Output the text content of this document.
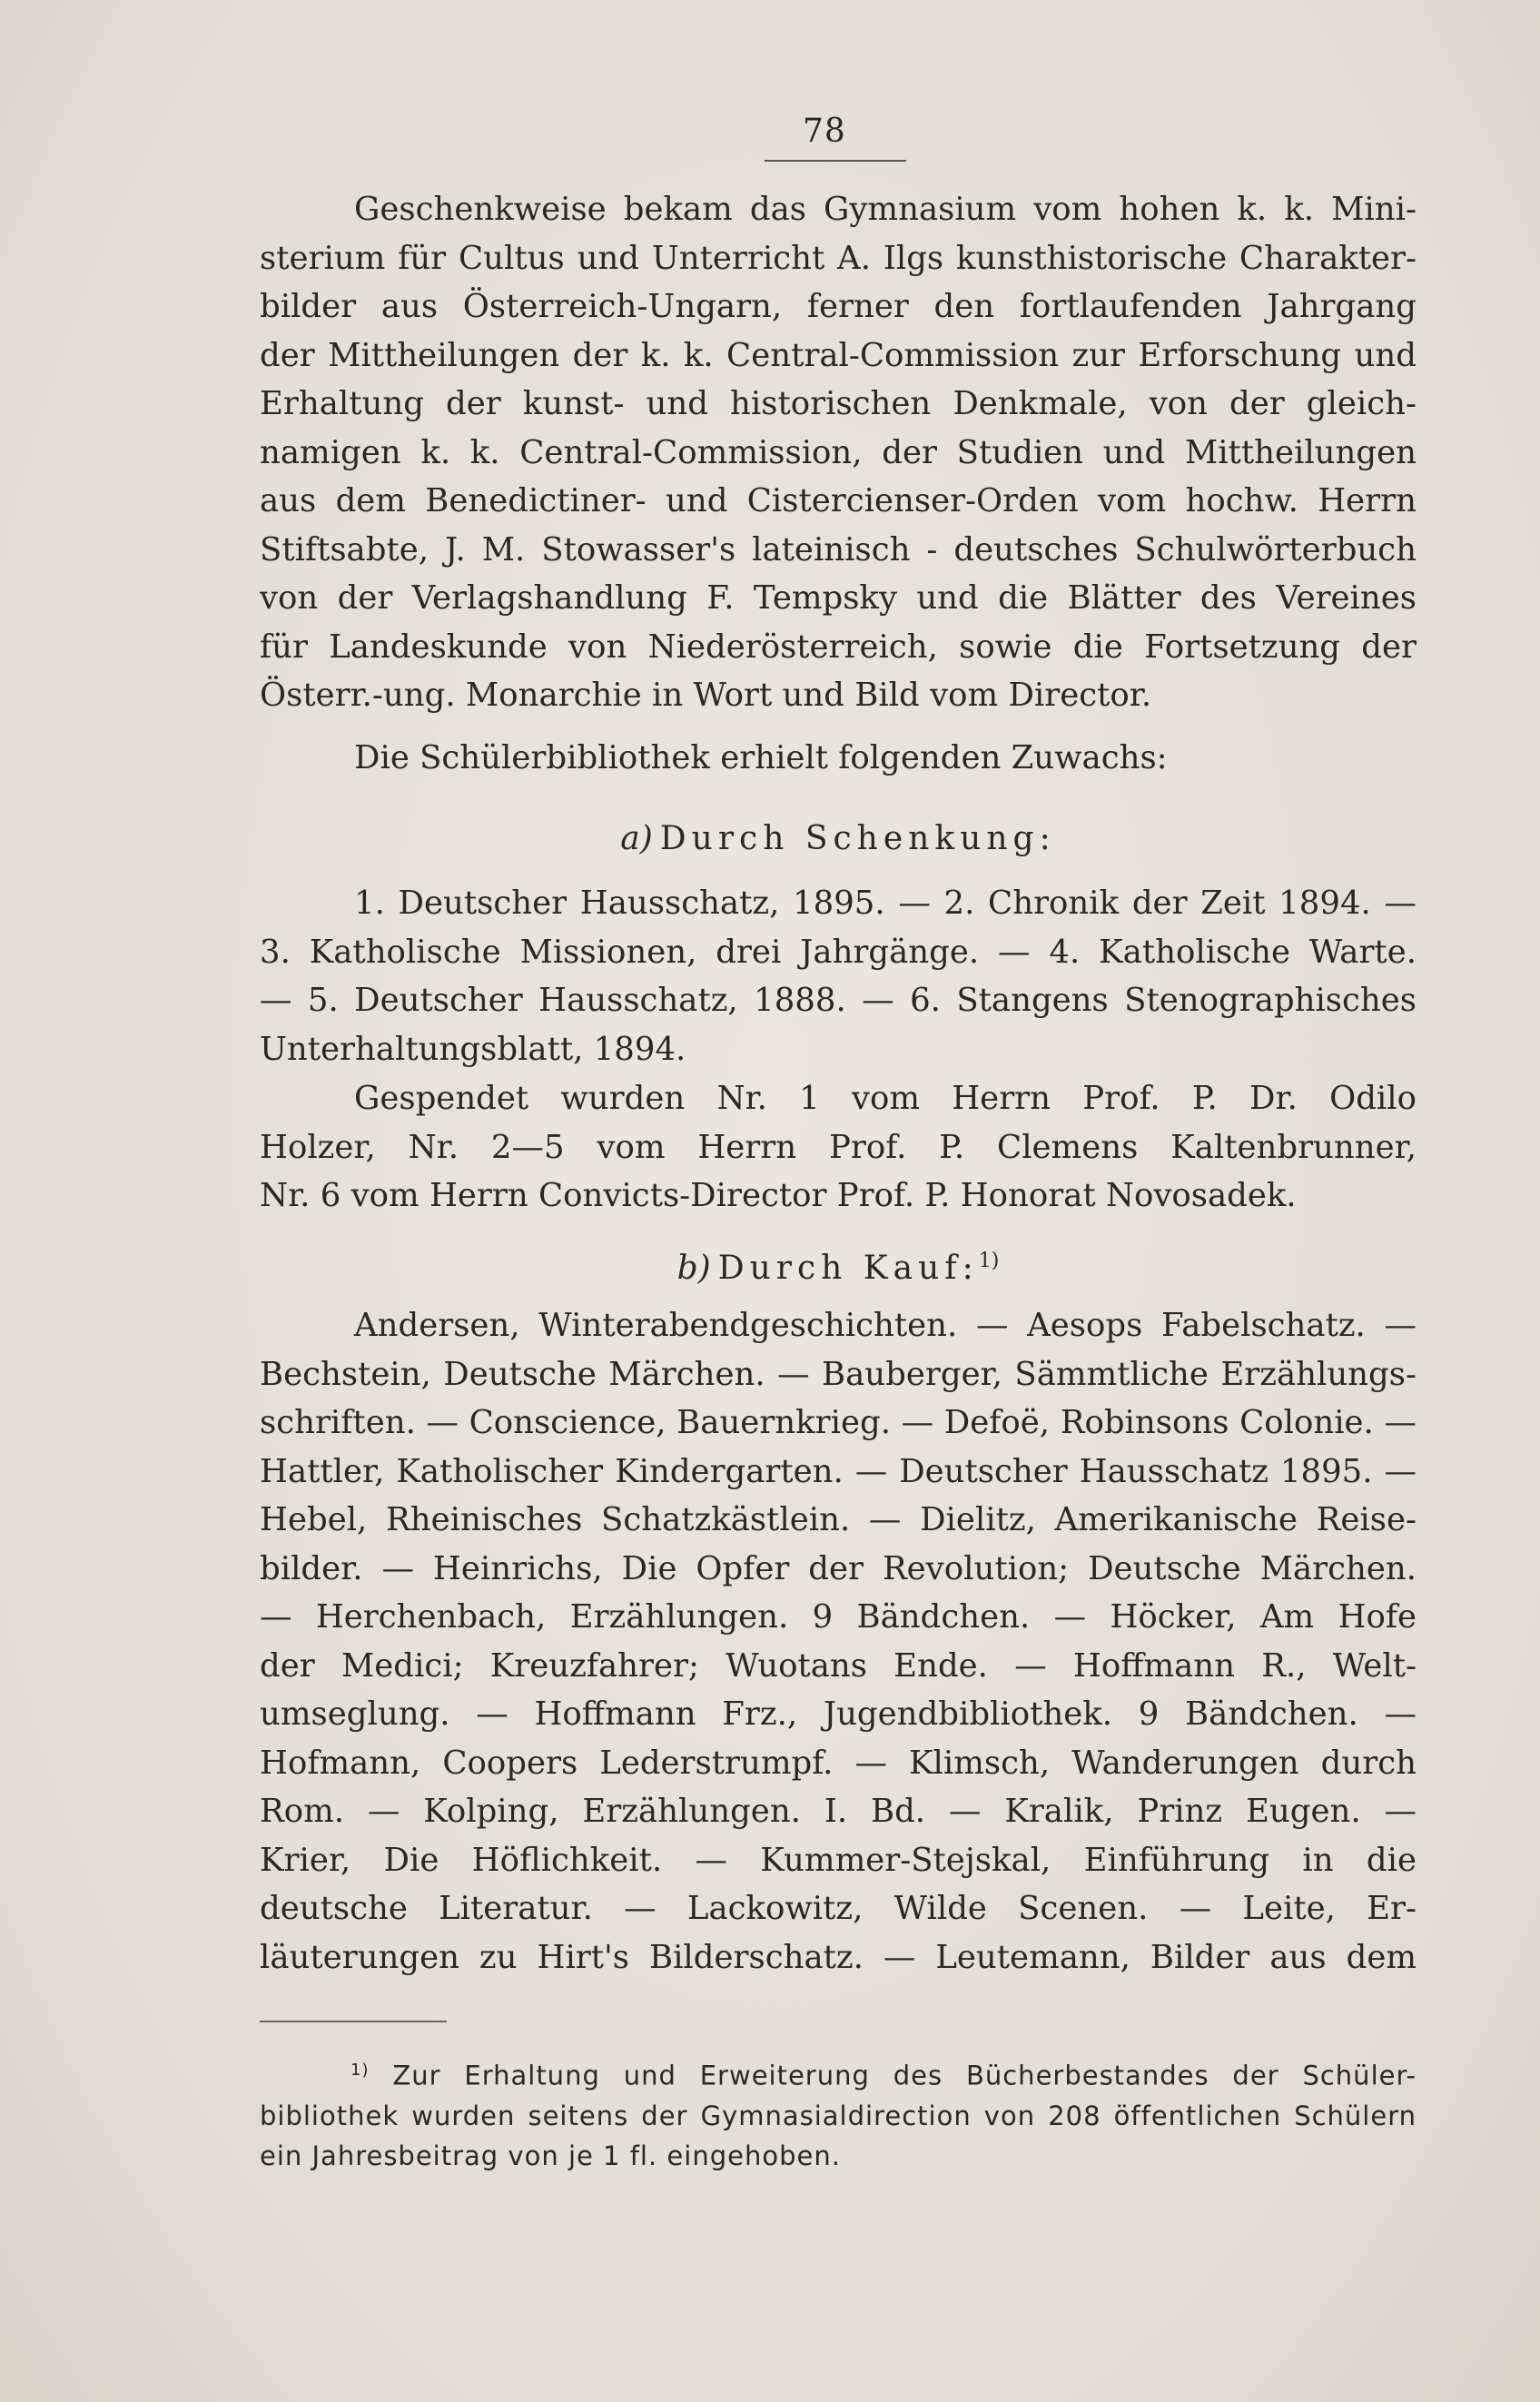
78
Geschenkweise bekam das Gymnasium vom hohen k. k. Mini-
sterium für Cultus und Unterricht A. Ilgs kunsthistorische Charakter-
bilder aus Österreich-Ungarn, ferner den fortlaufenden Jahrgang
der Mittheilungen der k. k. Central-Commission zur Erforschung und
Erhaltung der kunst- und historischen Denkmale, von der gleich-
namigen k. k. Central-Commission, der Studien und Mittheilungen
aus dem Benedictiner- und Cistercienser-Orden vom hochw. Herrn
Stiftsabte, J. M. Stowasser's lateinisch - deutsches Schulwörterbuch
von der Verlagshandlung F. Tempsky und die Blätter des Vereines
für Landeskunde von Niederösterreich, sowie die Fortsetzung der
Österr.-ung. Monarchie in Wort und Bild vom Director.
Die Schülerbibliothek erhielt folgenden Zuwachs:
a) Durch Schenkung:
1. Deutscher Hausschatz, 1895. — 2. Chronik der Zeit 1894. —
3. Katholische Missionen, drei Jahrgänge. — 4. Katholische Warte.
— 5. Deutscher Hausschatz, 1888. — 6. Stangens Stenographisches
Unterhaltungsblatt, 1894.
Gespendet wurden Nr. 1 vom Herrn Prof. P. Dr. Odilo
Holzer, Nr. 2—5 vom Herrn Prof. P. Clemens Kaltenbrunner,
Nr. 6 vom Herrn Convicts-Director Prof. P. Honorat Novosadek.
b) Durch Kauf:$^{1)}$
Andersen, Winterabendgeschichten. — Aesops Fabelschatz. —
Bechstein, Deutsche Märchen. — Bauberger, Sämmtliche Erzählungs-
schriften. — Conscience, Bauernkrieg. — Defoë, Robinsons Colonie. —
Hattler, Katholischer Kindergarten. — Deutscher Hausschatz 1895. —
Hebel, Rheinisches Schatzkästlein. — Dielitz, Amerikanische Reise-
bilder. — Heinrichs, Die Opfer der Revolution; Deutsche Märchen.
— Herchenbach, Erzählungen. 9 Bändchen. — Höcker, Am Hofe
der Medici; Kreuzfahrer; Wuotans Ende. — Hoffmann R., Welt-
umseglung. — Hoffmann Frz., Jugendbibliothek. 9 Bändchen. —
Hofmann, Coopers Lederstrumpf. — Klimsch, Wanderungen durch
Rom. — Kolping, Erzählungen. I. Bd. — Kralik, Prinz Eugen. —
Krier, Die Höflichkeit. — Kummer-Stejskal, Einführung in die
deutsche Literatur. — Lackowitz, Wilde Scenen. — Leite, Er-
läuterungen zu Hirt's Bilderschatz. — Leutemann, Bilder aus dem
$^{1)}$ Zur Erhaltung und Erweiterung des Bücherbestandes der Schüler-
bibliothek wurden seitens der Gymnasialdirection von 208 öffentlichen Schülern
ein Jahresbeitrag von je 1 fl. eingehoben.
